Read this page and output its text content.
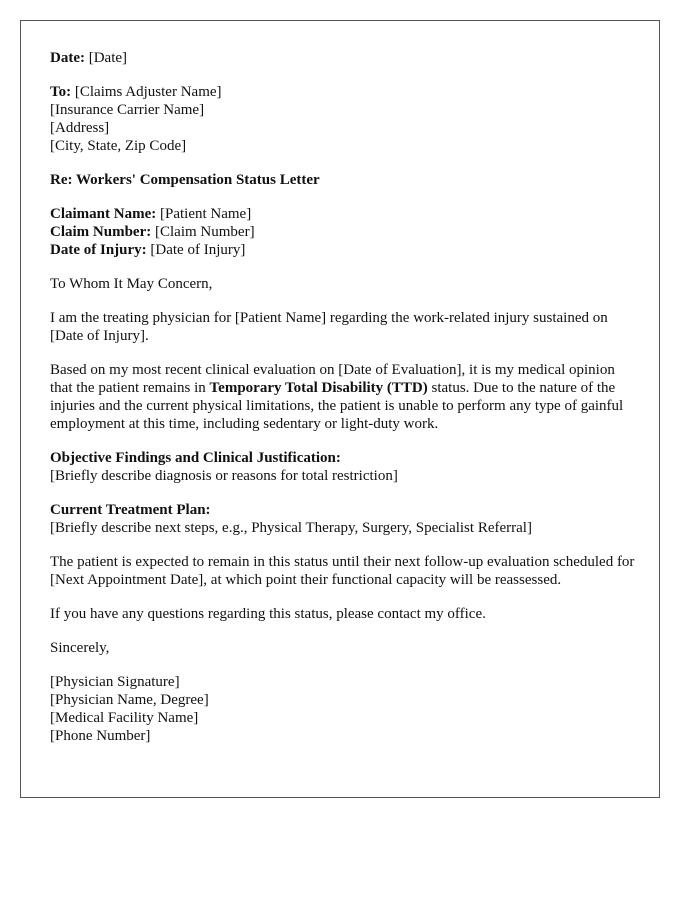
Date: [Date]
To: [Claims Adjuster Name]
[Insurance Carrier Name]
[Address]
[City, State, Zip Code]
Re: Workers' Compensation Status Letter
Claimant Name: [Patient Name]
Claim Number: [Claim Number]
Date of Injury: [Date of Injury]

To Whom It May Concern,

I am the treating physician for [Patient Name] regarding the work-related injury sustained on [Date of Injury].

Based on my most recent clinical evaluation on [Date of Evaluation], it is my medical opinion that the patient remains in Temporary Total Disability (TTD) status. Due to the nature of the injuries and the current physical limitations, the patient is unable to perform any type of gainful employment at this time, including sedentary or light-duty work.

Objective Findings and Clinical Justification:
[Briefly describe diagnosis or reasons for total restriction]
Current Treatment Plan:
[Briefly describe next steps, e.g., Physical Therapy, Surgery, Specialist Referral]

The patient is expected to remain in this status until their next follow-up evaluation scheduled for [Next Appointment Date], at which point their functional capacity will be reassessed.

If you have any questions regarding this status, please contact my office.

Sincerely,

[Physician Signature]
[Physician Name, Degree]
[Medical Facility Name]
[Phone Number]
